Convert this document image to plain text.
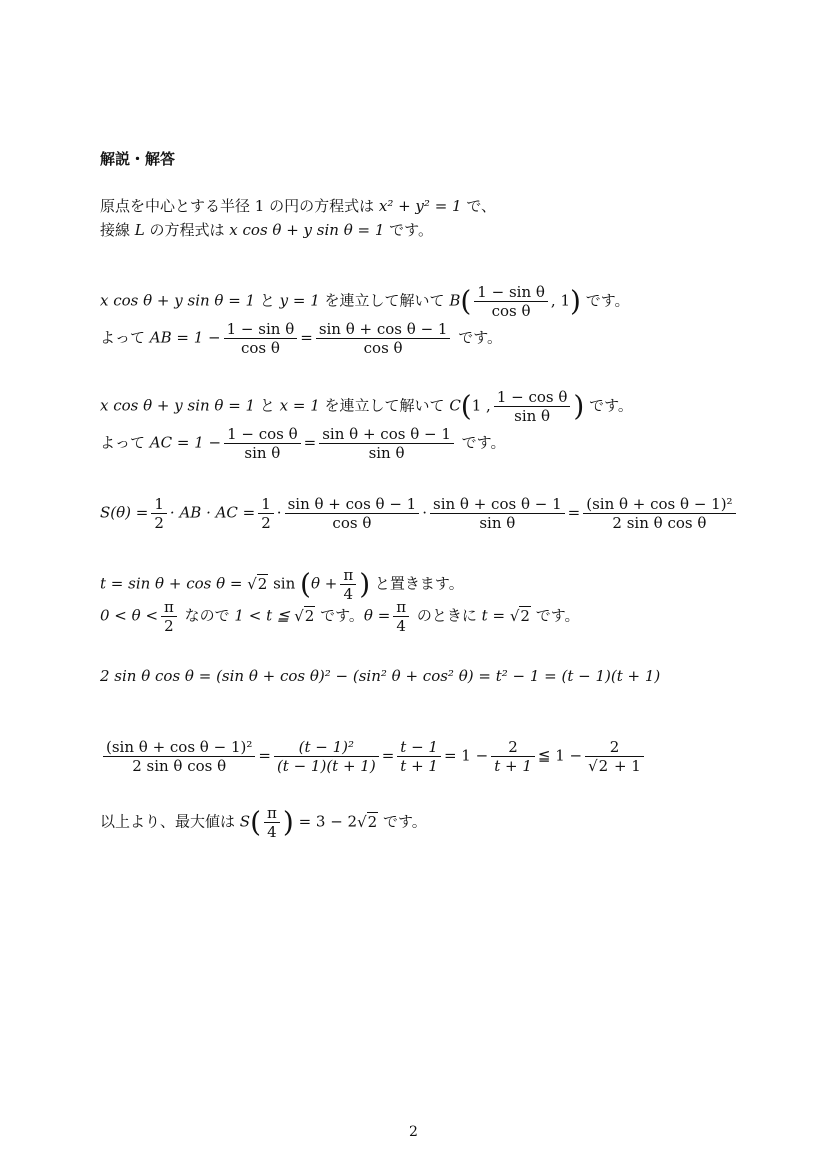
解説・解答
原点を中心とする半径 1 の円の方程式は x² + y² = 1 で、
接線 L の方程式は x cos θ + y sin θ = 1 です。
x cos θ + y sin θ = 1 と y = 1 を連立して解いて $B( \frac{\text{1 − sin θ}}{\text{cos θ}}$ , 1) です。
よって AB = $1 - \frac{\text{1 − sin θ}}{\text{cos θ}} = \frac{\text{sin θ + cos θ − 1}}{\text{cos θ}}$ です。
x cos θ + y sin θ = 1 と x = 1 を連立して解いて C(1 , $\frac{\text{1 − cos θ}}{\text{sin θ}}$ ) です。
よって AC = $1 - \frac{\text{1 − cos θ}}{\text{sin θ}} = \frac{\text{sin θ + cos θ − 1}}{\text{sin θ}}$ です。
$S(\theta) = \frac{1}{2}$ · AB · AC = $\frac{1}{2} \cdot \frac{\text{sin θ + cos θ − 1}}{\text{cos θ}} \cdot \frac{\text{sin θ + cos θ − 1}}{\text{sin θ}} = \frac{\text{(sin θ + cos θ − 1)²}}{\text{2 sin θ cos θ}}$
t = sin θ + cos θ = √2 $\sin (\theta + \frac{\pi}{4}$ ) と置きます。
$0 < \theta < \frac{\pi}{2}$ なので 1 < t ≦ √2 です。$\theta = \frac{\pi}{4}$ のときに t = √2 です。
2 sin θ cos θ = (sin θ + cos θ)² − (sin² θ + cos² θ) = t² − 1 = (t − 1)(t + 1)
$\frac{\text{(sin θ + cos θ − 1)²}}{\text{2 sin θ cos θ}} = \frac{\text{(t − 1)²}}{(t - 1)(t + 1)} = \frac{t - 1}{t + 1} = 1 - \frac{2}{t + 1}$ ≦ $1 - \frac{2}{√2 + 1}$
以上より、最大値は $S( \frac{\pi}{4}$ ) = 3 − 2√2 です。
2
